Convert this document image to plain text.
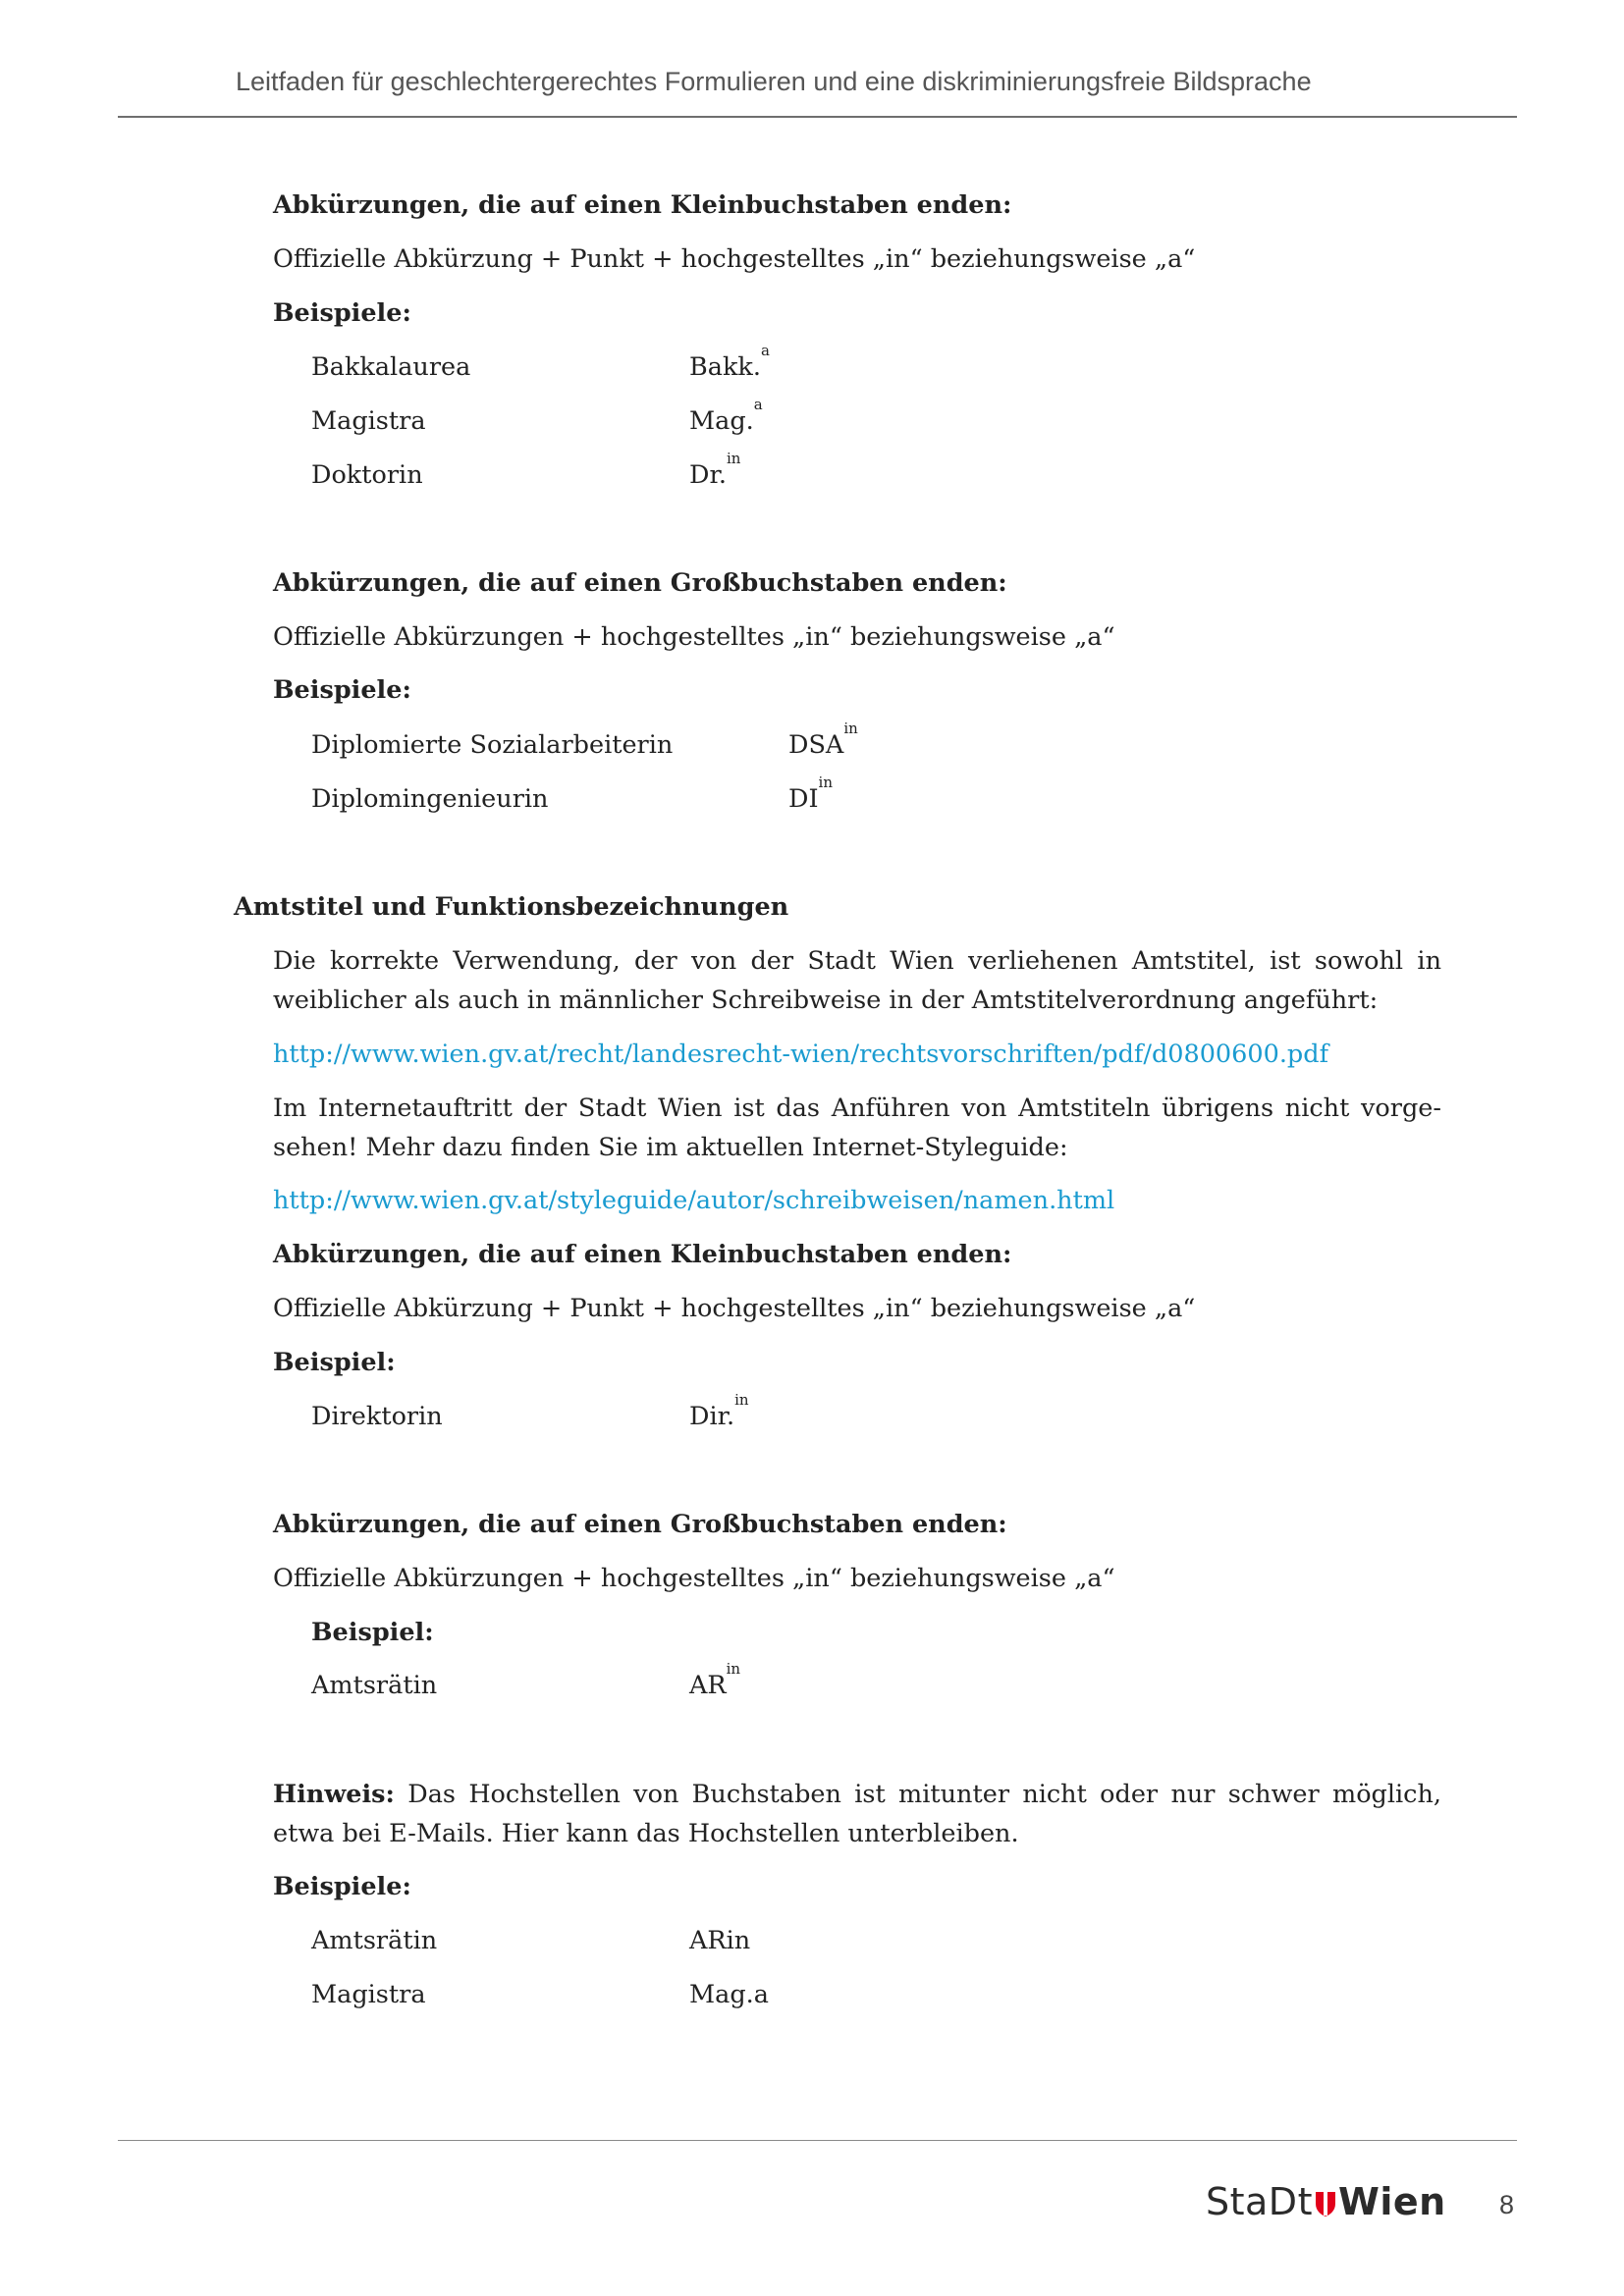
Leitfaden für geschlechtergerechtes Formulieren und eine diskriminierungsfreie Bildsprache
Abkürzungen, die auf einen Kleinbuchstaben enden:
Offizielle Abkürzung + Punkt + hochgestelltes „in“ beziehungsweise „a“
Beispiele:
Bakkalaurea	Bakk.$^a$
Magistra	Mag.$^a$
Doktorin	Dr.$^{in}$
Abkürzungen, die auf einen Großbuchstaben enden:
Offizielle Abkürzungen + hochgestelltes „in“ beziehungsweise „a“
Beispiele:
Diplomierte Sozialarbeiterin	$DSA^{in}$
Diplomingenieurin	$DI^{in}$
Amtstitel und Funktionsbezeichnungen
Die korrekte Verwendung, der von der Stadt Wien verliehenen Amtstitel, ist sowohl in weiblicher als auch in männlicher Schreibweise in der Amtstitelverordnung angeführt:
http://www.wien.gv.at/recht/landesrecht-wien/rechtsvorschriften/pdf/d0800600.pdf
Im Internetauftritt der Stadt Wien ist das Anführen von Amtstiteln übrigens nicht vorgesehen! Mehr dazu finden Sie im aktuellen Internet-Styleguide:
http://www.wien.gv.at/styleguide/autor/schreibweisen/namen.html
Abkürzungen, die auf einen Kleinbuchstaben enden:
Offizielle Abkürzung + Punkt + hochgestelltes „in“ beziehungsweise „a“
Beispiel:
Direktorin	Dir.$^{in}$
Abkürzungen, die auf einen Großbuchstaben enden:
Offizielle Abkürzungen + hochgestelltes „in“ beziehungsweise „a“
Beispiel:
Amtsrätin	$AR^{in}$
Hinweis: Das Hochstellen von Buchstaben ist mitunter nicht oder nur schwer möglich, etwa bei E-Mails. Hier kann das Hochstellen unterbleiben.
Beispiele:
Amtsrätin	ARin
Magistra	Mag.a
StaDt Wien 8
